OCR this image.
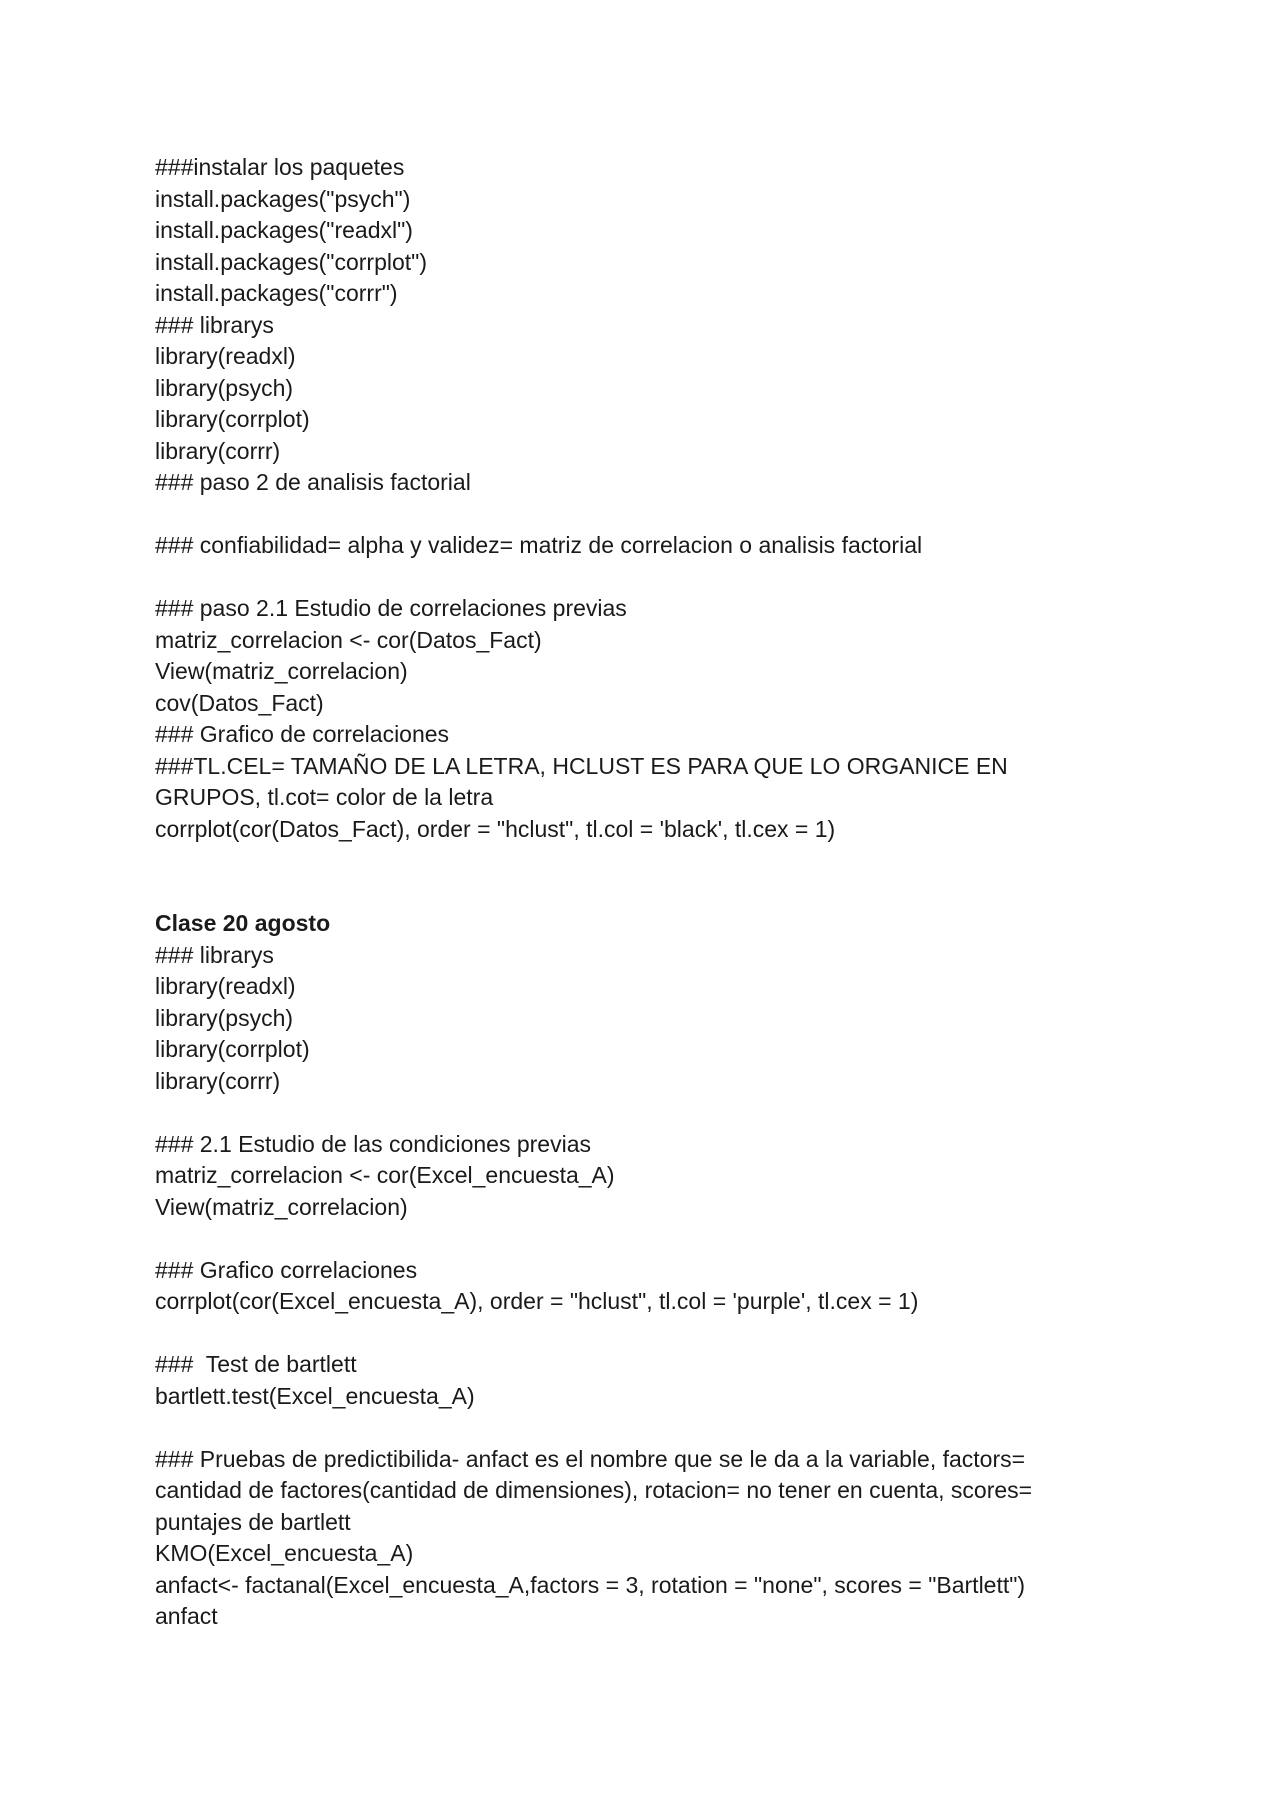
###instalar los paquetes
install.packages("psych")
install.packages("readxl")
install.packages("corrplot")
install.packages("corrr")
### librarys
library(readxl)
library(psych)
library(corrplot)
library(corrr)
### paso 2 de analisis factorial
### confiabilidad= alpha y validez= matriz de correlacion o analisis factorial
### paso 2.1 Estudio de correlaciones previas
matriz_correlacion <- cor(Datos_Fact)
View(matriz_correlacion)
cov(Datos_Fact)
### Grafico de correlaciones
###TL.CEL= TAMAÑO DE LA LETRA, HCLUST ES PARA QUE LO ORGANICE EN GRUPOS, tl.cot= color de la letra
corrplot(cor(Datos_Fact), order = "hclust", tl.col = 'black', tl.cex = 1)
Clase 20 agosto
### librarys
library(readxl)
library(psych)
library(corrplot)
library(corrr)
### 2.1 Estudio de las condiciones previas
matriz_correlacion <- cor(Excel_encuesta_A)
View(matriz_correlacion)
### Grafico correlaciones
corrplot(cor(Excel_encuesta_A), order = "hclust", tl.col = 'purple', tl.cex = 1)
###  Test de bartlett
bartlett.test(Excel_encuesta_A)
### Pruebas de predictibilida- anfact es el nombre que se le da a la variable, factors= cantidad de factores(cantidad de dimensiones), rotacion= no tener en cuenta, scores= puntajes de bartlett
KMO(Excel_encuesta_A)
anfact<- factanal(Excel_encuesta_A,factors = 3, rotation = "none", scores = "Bartlett")
anfact
